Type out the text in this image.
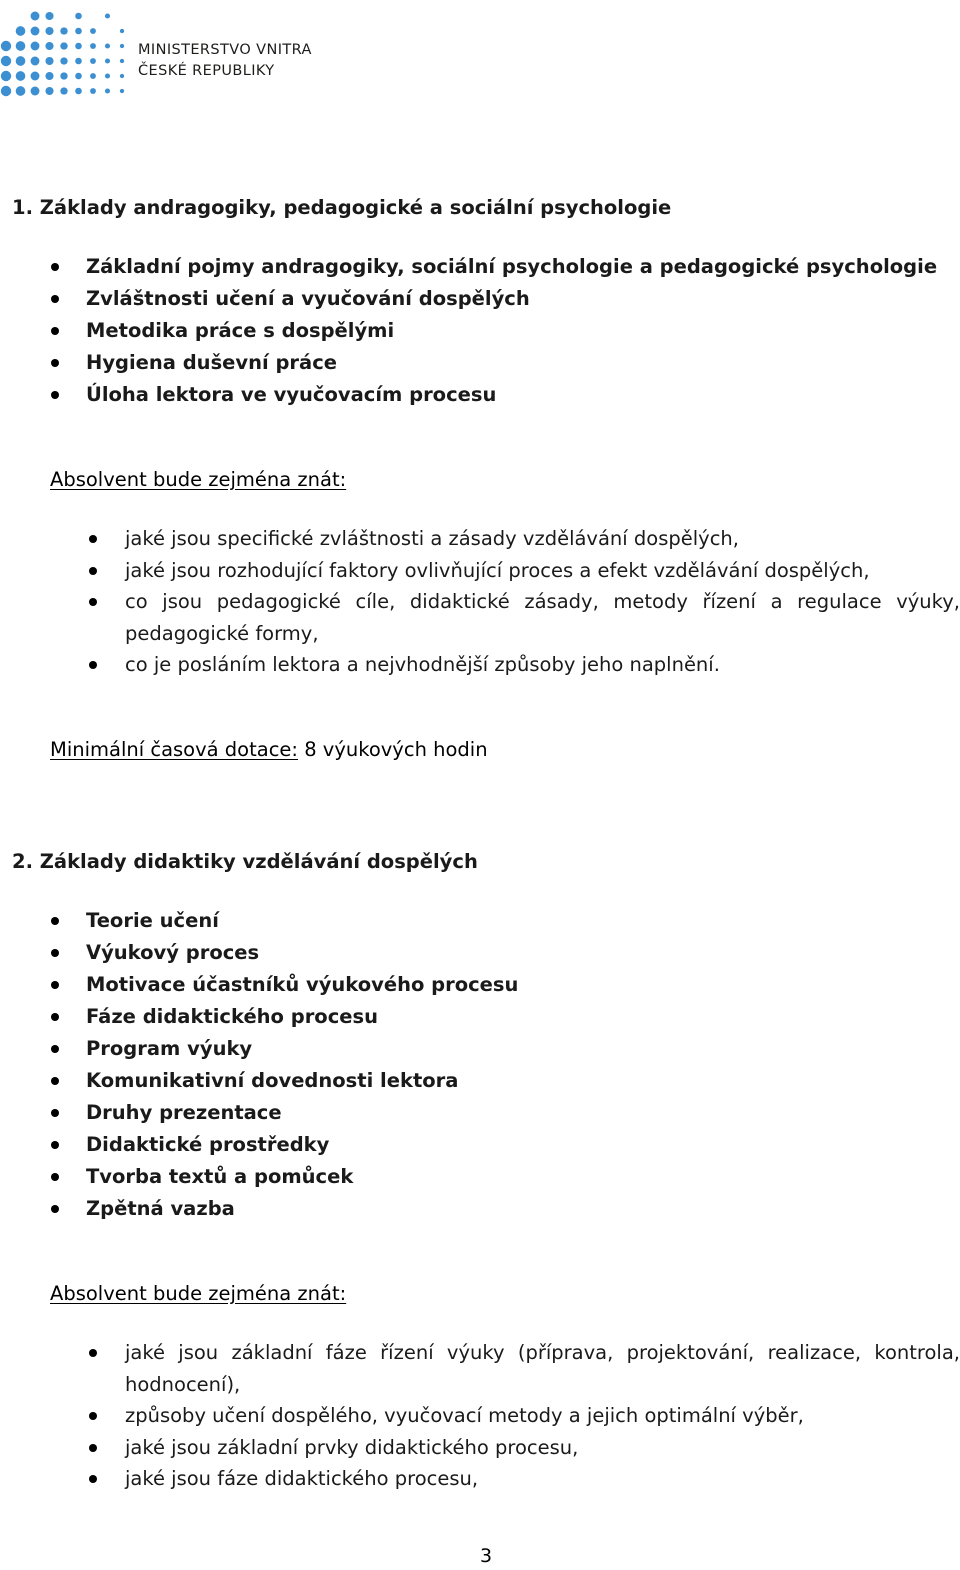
MINISTERSTVO VNITRA
ČESKÉ REPUBLIKY
1. Základy andragogiky, pedagogické a sociální psychologie
Základní pojmy andragogiky, sociální psychologie a pedagogické psychologie
Zvláštnosti učení a vyučování dospělých
Metodika práce s dospělými
Hygiena duševní práce
Úloha lektora ve vyučovacím procesu
Absolvent bude zejména znát:
jaké jsou specifické zvláštnosti a zásady vzdělávání dospělých,
jaké jsou rozhodující faktory ovlivňující proces a efekt vzdělávání dospělých,
co jsou pedagogické cíle, didaktické zásady, metody řízení a regulace výuky, pedagogické formy,
co je posláním lektora a nejvhodnější způsoby jeho naplnění.
Minimální časová dotace: 8 výukových hodin
2. Základy didaktiky vzdělávání dospělých
Teorie učení
Výukový proces
Motivace účastníků výukového procesu
Fáze didaktického procesu
Program výuky
Komunikativní dovednosti lektora
Druhy prezentace
Didaktické prostředky
Tvorba textů a pomůcek
Zpětná vazba
Absolvent bude zejména znát:
jaké jsou základní fáze řízení výuky (příprava, projektování, realizace, kontrola, hodnocení),
způsoby učení dospělého, vyučovací metody a jejich optimální výběr,
jaké jsou základní prvky didaktického procesu,
jaké jsou fáze didaktického procesu,
3
